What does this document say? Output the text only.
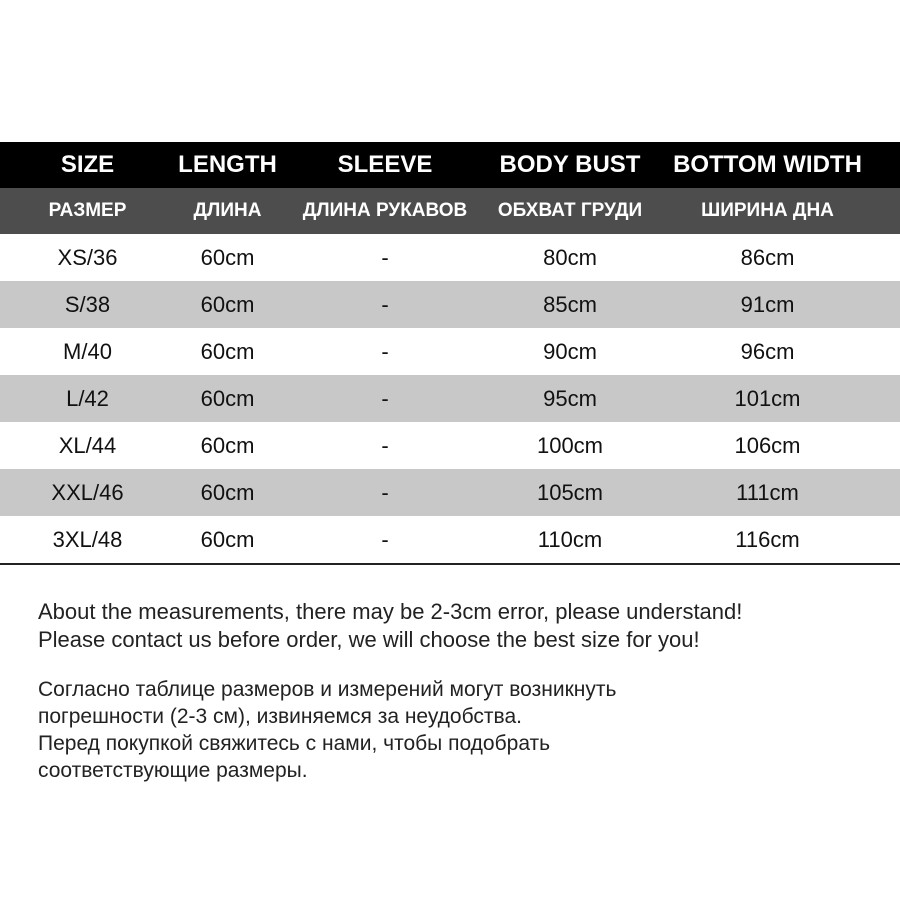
SIZE	LENGTH	SLEEVE	BODY BUST	BOTTOM WIDTH
РАЗМЕР	ДЛИНА	ДЛИНА РУКАВОВ	ОБХВАТ ГРУДИ	ШИРИНА ДНА
XS/36	60cm	-	80cm	86cm
S/38	60cm	-	85cm	91cm
M/40	60cm	-	90cm	96cm
L/42	60cm	-	95cm	101cm
XL/44	60cm	-	100cm	106cm
XXL/46	60cm	-	105cm	111cm
3XL/48	60cm	-	110cm	116cm

About the measurements, there may be 2-3cm error, please understand!

Please contact us before order, we will choose the best size for you!

Согласно таблице размеров и измерений могут возникнуть

погрешности (2-3 см), извиняемся за неудобства.

Перед покупкой свяжитесь с нами, чтобы подобрать

соответствующие размеры.
